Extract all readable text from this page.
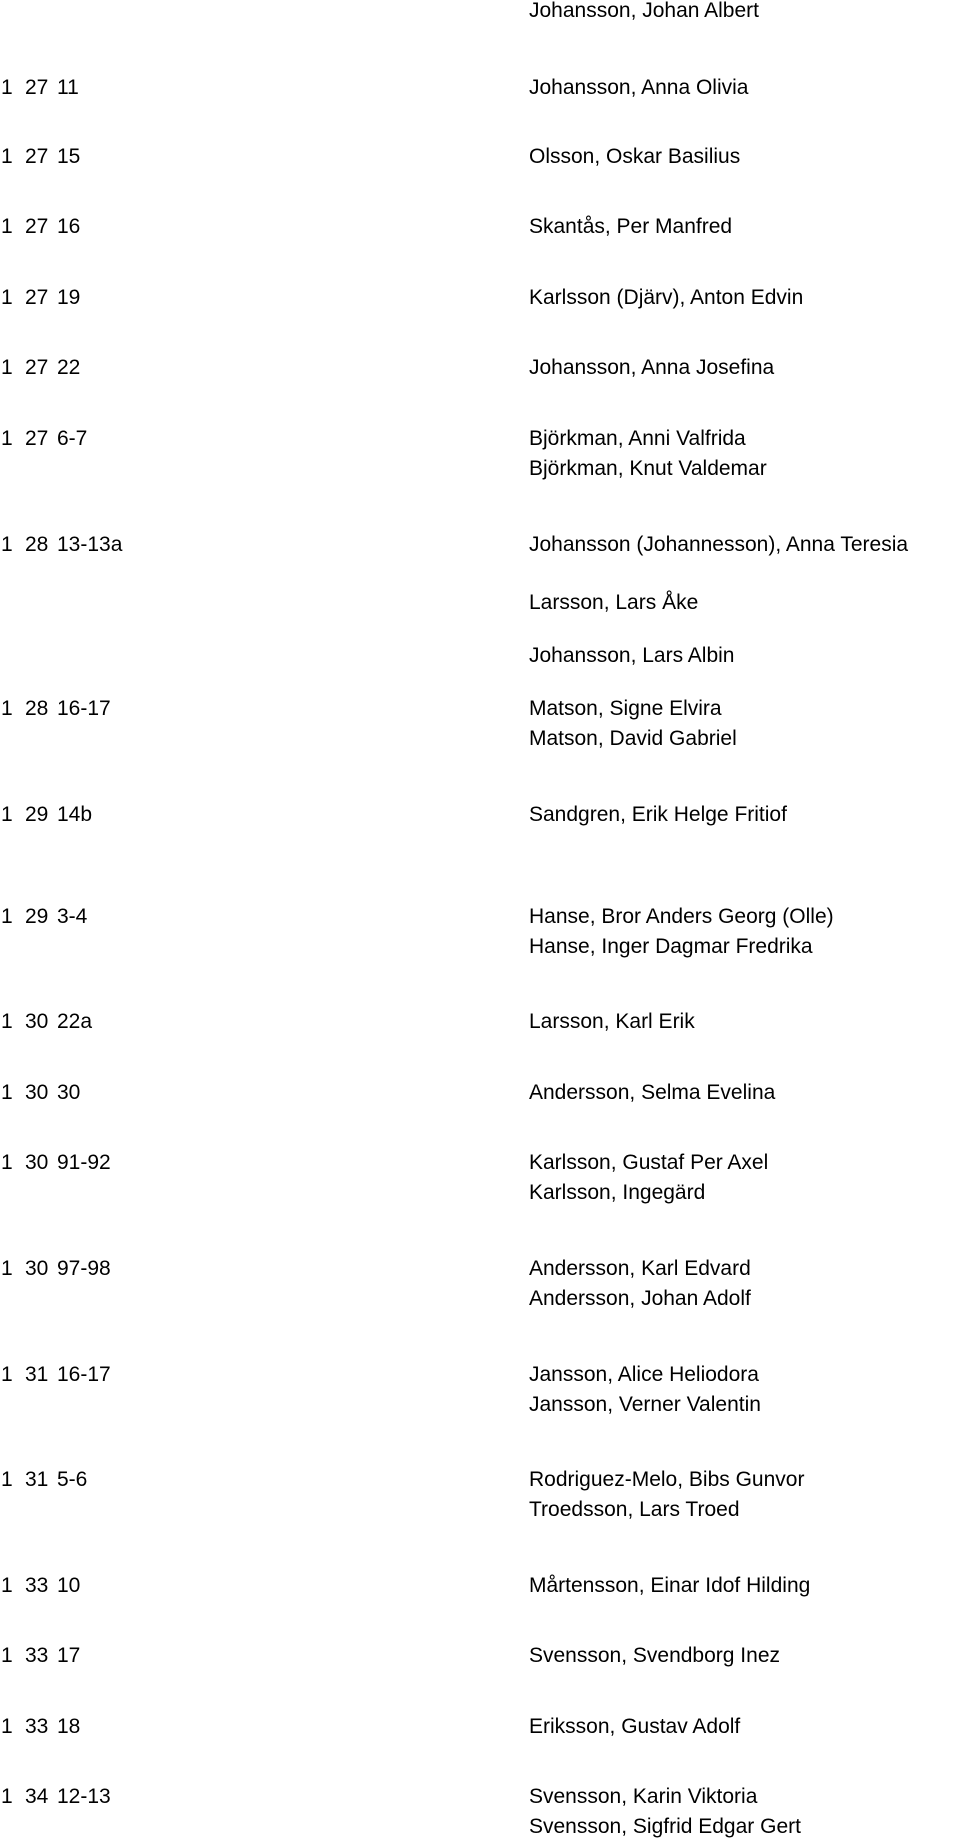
Johansson, Johan Albert
1 27 11	Johansson, Anna Olivia
1 27 15	Olsson, Oskar Basilius
1 27 16	Skantås, Per Manfred
1 27 19	Karlsson (Djärv), Anton Edvin
1 27 22	Johansson, Anna Josefina
1 27 6-7	Björkman, Anni Valfrida
Björkman, Knut Valdemar
1 28 13-13a	Johansson (Johannesson), Anna Teresia
Larsson, Lars Åke
Johansson, Lars Albin
1 28 16-17	Matson, Signe Elvira
Matson, David Gabriel
1 29 14b	Sandgren, Erik Helge Fritiof
1 29 3-4	Hanse, Bror Anders Georg (Olle)
Hanse, Inger Dagmar Fredrika
1 30 22a	Larsson, Karl Erik
1 30 30	Andersson, Selma Evelina
1 30 91-92	Karlsson, Gustaf Per Axel
Karlsson, Ingegärd
1 30 97-98	Andersson, Karl Edvard
Andersson, Johan Adolf
1 31 16-17	Jansson, Alice Heliodora
Jansson, Verner Valentin
1 31 5-6	Rodriguez-Melo, Bibs Gunvor
Troedsson, Lars Troed
1 33 10	Mårtensson, Einar Idof Hilding
1 33 17	Svensson, Svendborg Inez
1 33 18	Eriksson, Gustav Adolf
1 34 12-13	Svensson, Karin Viktoria
Svensson, Sigfrid Edgar Gert
